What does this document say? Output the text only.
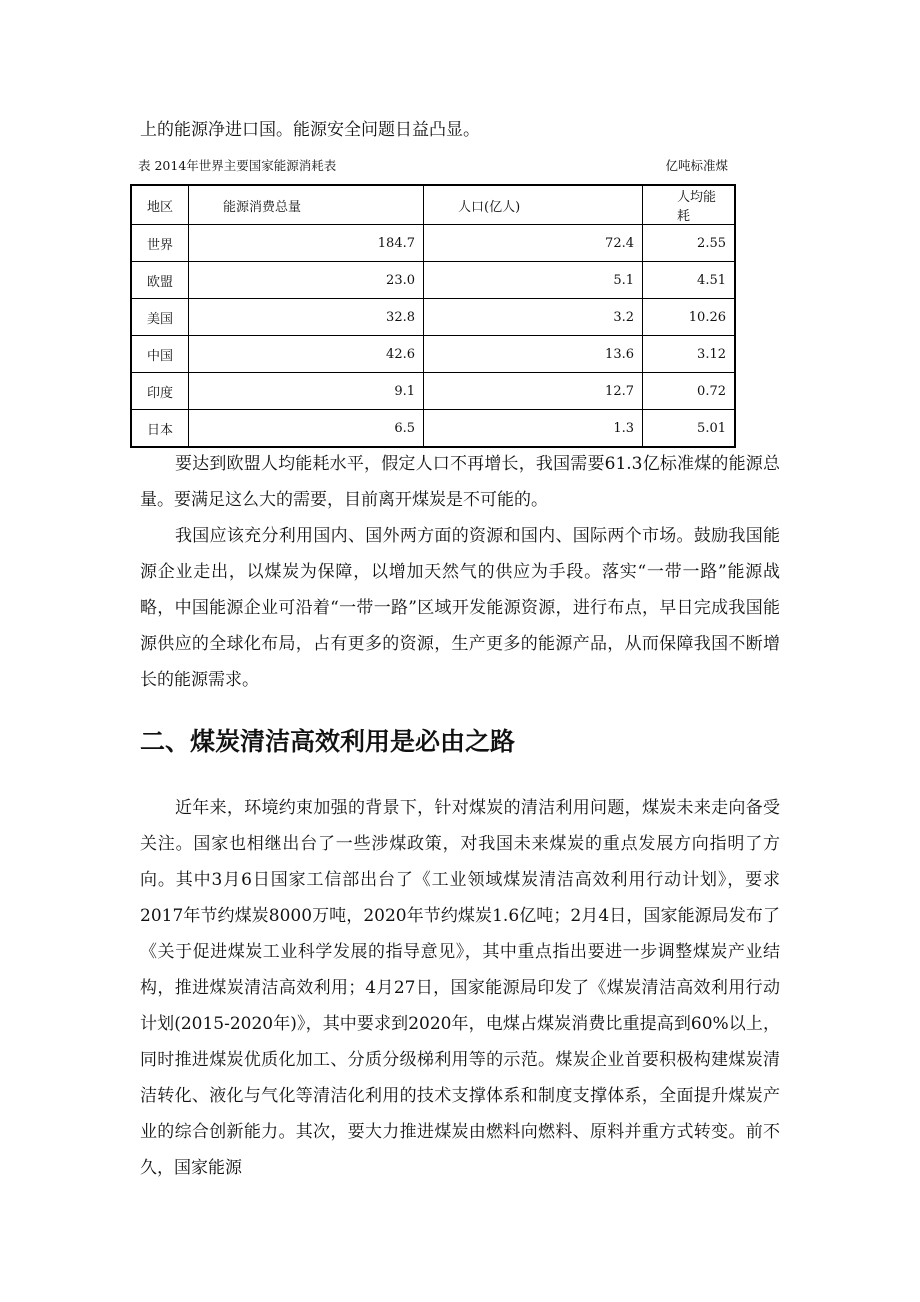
上的能源净进口国。能源安全问题日益凸显。

表 2014年世界主要国家能源消耗表	亿吨标准煤
地区	能源消费总量	人口(亿人)	人均能耗
世界	184.7	72.4	2.55
欧盟	23.0	5.1	4.51
美国	32.8	3.2	10.26
中国	42.6	13.6	3.12
印度	9.1	12.7	0.72
日本	6.5	1.3	5.01

要达到欧盟人均能耗水平，假定人口不再增长，我国需要61.3亿标准煤的能源总量。要满足这么大的需要，目前离开煤炭是不可能的。

我国应该充分利用国内、国外两方面的资源和国内、国际两个市场。鼓励我国能源企业走出，以煤炭为保障，以增加天然气的供应为手段。落实“一带一路”能源战略，中国能源企业可沿着“一带一路”区域开发能源资源，进行布点，早日完成我国能源供应的全球化布局，占有更多的资源，生产更多的能源产品，从而保障我国不断增长的能源需求。

二、煤炭清洁高效利用是必由之路

近年来，环境约束加强的背景下，针对煤炭的清洁利用问题，煤炭未来走向备受关注。国家也相继出台了一些涉煤政策，对我国未来煤炭的重点发展方向指明了方向。其中3月6日国家工信部出台了《工业领域煤炭清洁高效利用行动计划》，要求2017年节约煤炭8000万吨，2020年节约煤炭1.6亿吨；2月4日，国家能源局发布了《关于促进煤炭工业科学发展的指导意见》，其中重点指出要进一步调整煤炭产业结构，推进煤炭清洁高效利用；4月27日，国家能源局印发了《煤炭清洁高效利用行动计划(2015-2020年)》，其中要求到2020年，电煤占煤炭消费比重提高到60%以上，同时推进煤炭优质化加工、分质分级梯利用等的示范。煤炭企业首要积极构建煤炭清洁转化、液化与气化等清洁化利用的技术支撑体系和制度支撑体系，全面提升煤炭产业的综合创新能力。其次，要大力推进煤炭由燃料向燃料、原料并重方式转变。前不久，国家能源
